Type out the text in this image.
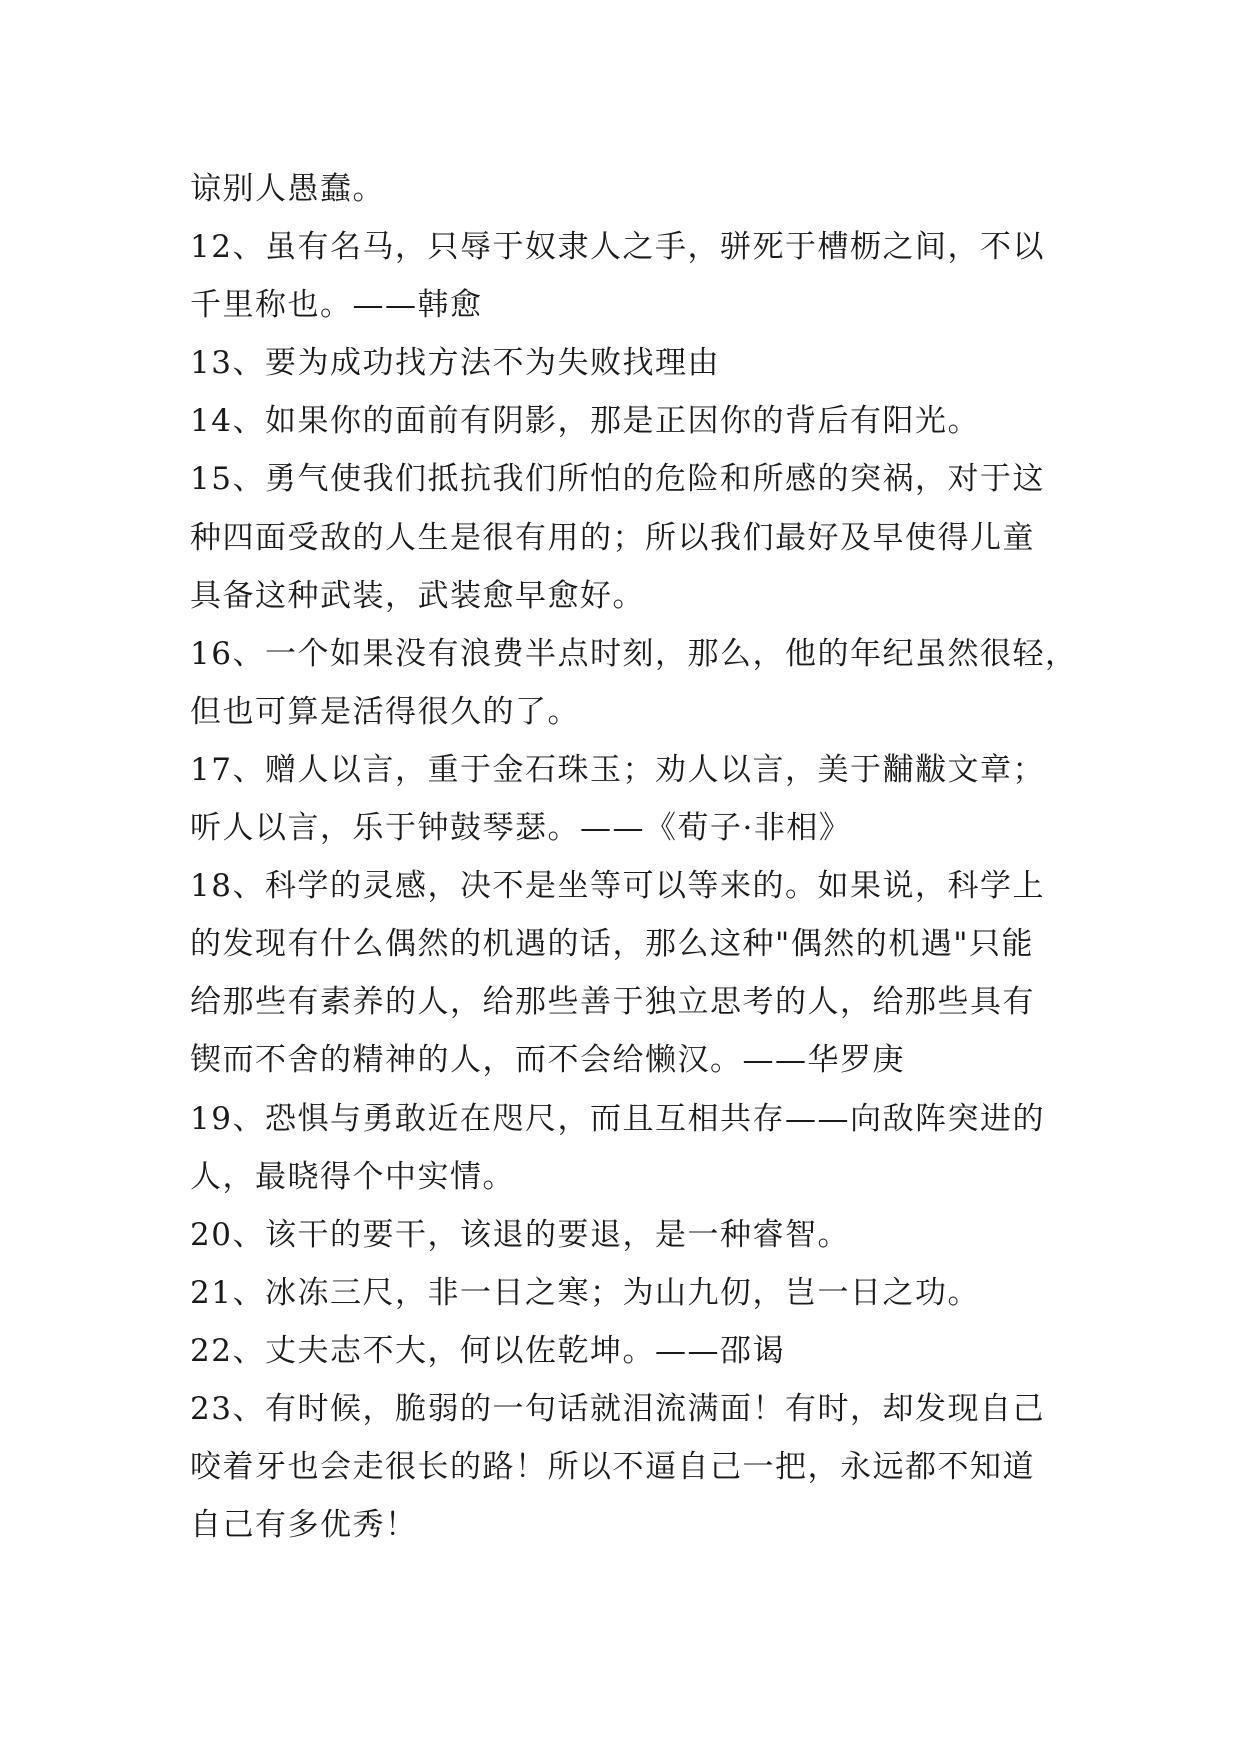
谅别人愚蠢。
12、虽有名马，只辱于奴隶人之手，骈死于槽枥之间，不以
千里称也。——韩愈
13、要为成功找方法不为失败找理由
14、如果你的面前有阴影，那是正因你的背后有阳光。
15、勇气使我们抵抗我们所怕的危险和所感的突祸，对于这
种四面受敌的人生是很有用的；所以我们最好及早使得儿童
具备这种武装，武装愈早愈好。
16、一个如果没有浪费半点时刻，那么，他的年纪虽然很轻，
但也可算是活得很久的了。
17、赠人以言，重于金石珠玉；劝人以言，美于黼黻文章；
听人以言，乐于钟鼓琴瑟。——《荀子·非相》
18、科学的灵感，决不是坐等可以等来的。如果说，科学上
的发现有什么偶然的机遇的话，那么这种"偶然的机遇"只能
给那些有素养的人，给那些善于独立思考的人，给那些具有
锲而不舍的精神的人，而不会给懒汉。——华罗庚
19、恐惧与勇敢近在咫尺，而且互相共存——向敌阵突进的
人，最晓得个中实情。
20、该干的要干，该退的要退，是一种睿智。
21、冰冻三尺，非一日之寒；为山九仞，岂一日之功。
22、丈夫志不大，何以佐乾坤。——邵谒
23、有时候，脆弱的一句话就泪流满面！有时，却发现自己
咬着牙也会走很长的路！所以不逼自己一把，永远都不知道
自己有多优秀！
